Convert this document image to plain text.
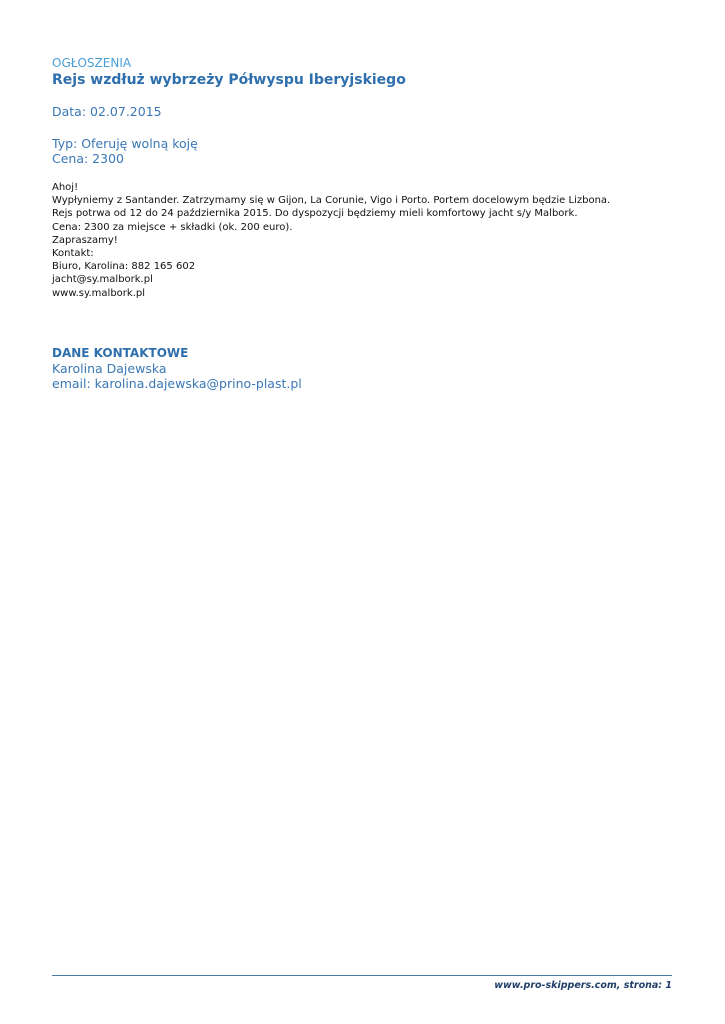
OGŁOSZENIA
Rejs wzdłuż wybrzeży Półwyspu Iberyjskiego
Data: 02.07.2015
Typ: Oferuję wolną koję
Cena: 2300
Ahoj!
Wypłyniemy z Santander. Zatrzymamy się w Gijon, La Corunie, Vigo i Porto. Portem docelowym będzie Lizbona.
Rejs potrwa od 12 do 24 października 2015. Do dyspozycji będziemy mieli komfortowy jacht s/y Malbork.
Cena: 2300 za miejsce + składki (ok. 200 euro).
Zapraszamy!
Kontakt:
Biuro, Karolina: 882 165 602
jacht@sy.malbork.pl
www.sy.malbork.pl
DANE KONTAKTOWE
Karolina Dajewska
email: karolina.dajewska@prino-plast.pl
www.pro-skippers.com, strona: 1
